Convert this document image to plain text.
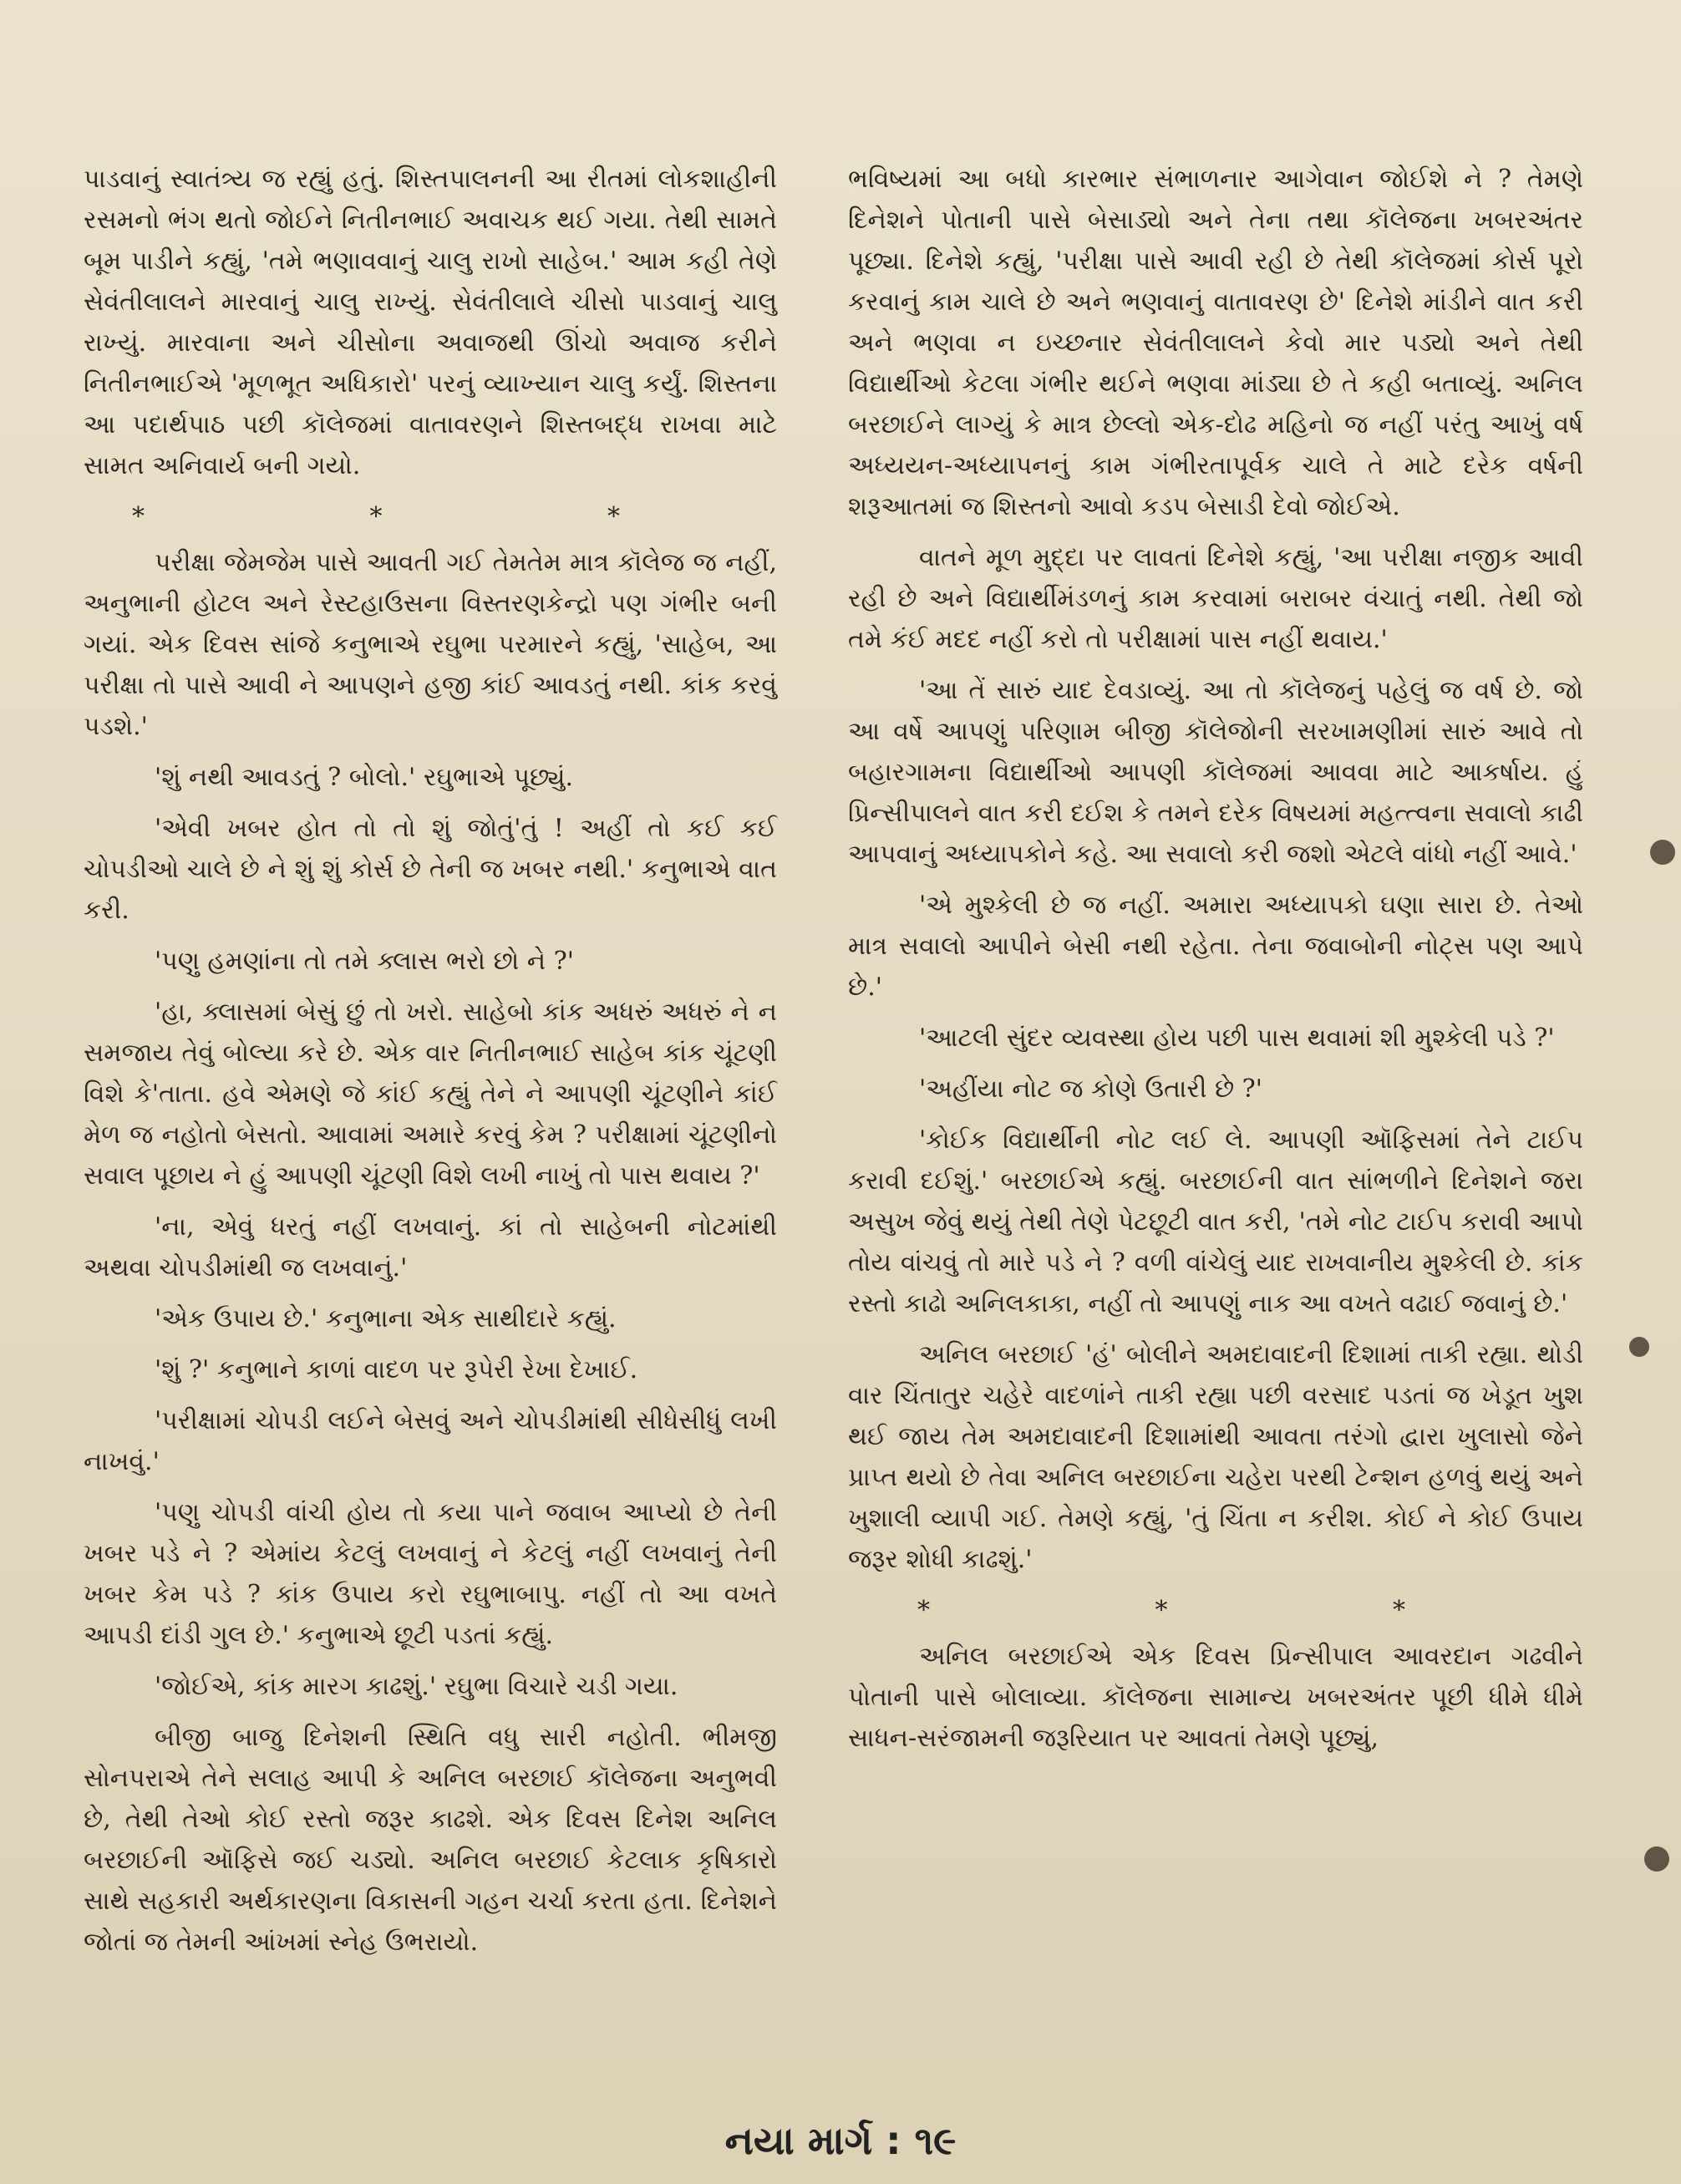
પાડવાનું સ્વાતંત્ર્ય જ રહ્યું હતું. શિસ્તપાલનની આ રીતમાં લોકશાહીની રસમનો ભંગ થતો જોઈને નિતીનભાઈ અવાચક થઈ ગયા. તેથી સામતે બૂમ પાડીને કહ્યું, 'તમે ભણાવવાનું ચાલુ રાખો સાહેબ.' આમ કહી તેણે સેવંતીલાલને મારવાનું ચાલુ રાખ્યું. સેવંતીલાલે ચીસો પાડવાનું ચાલુ રાખ્યું. મારવાના અને ચીસોના અવાજથી ઊંચો અવાજ કરીને નિતીનભાઈએ 'મૂળભૂત અધિકારો' પરનું વ્યાખ્યાન ચાલુ કર્યું. શિસ્તના આ પદાર્થપાઠ પછી કૉલેજમાં વાતાવરણને શિસ્તબદ્ધ રાખવા માટે સામત અનિવાર્ય બની ગયો.

* * *

પરીક્ષા જેમજેમ પાસે આવતી ગઈ તેમતેમ માત્ર કૉલેજ જ નહીં, અનુભાની હોટલ અને રેસ્ટહાઉસના વિસ્તરણકેન્દ્રો પણ ગંભીર બની ગયાં. એક દિવસ સાંજે કનુભાએ રઘુભા પરમારને કહ્યું, 'સાહેબ, આ પરીક્ષા તો પાસે આવી ને આપણને હજી કાંઈ આવડતું નથી. કાંક કરવું પડશે.'

'શું નથી આવડતું ? બોલો.' રઘુભાએ પૂછ્યું.

'એવી ખબર હોત તો તો શું જોતું'તું ! અહીં તો કઈ કઈ ચોપડીઓ ચાલે છે ને શું શું કોર્સ છે તેની જ ખબર નથી.' કનુભાએ વાત કરી.

'પણુ હમણાંના તો તમે ક્લાસ ભરો છો ને ?'

'હા, ક્લાસમાં બેસું છું તો ખરો. સાહેબો કાંક અધરું અધરું ને ન સમજાય તેવું બોલ્યા કરે છે. એક વાર નિતીનભાઈ સાહેબ કાંક ચૂંટણી વિશે કે'તાતા. હવે એમણે જે કાંઈ કહ્યું તેને ને આપણી ચૂંટણીને કાંઈ મેળ જ નહોતો બેસતો. આવામાં અમારે કરવું કેમ ? પરીક્ષામાં ચૂંટણીનો સવાલ પૂછાય ને હું આપણી ચૂંટણી વિશે લખી નાખું તો પાસ થવાય ?'

'ના, એવું ધરતું નહીં લખવાનું. કાં તો સાહેબની નોટમાંથી અથવા ચોપડીમાંથી જ લખવાનું.'

'એક ઉપાય છે.' કનુભાના એક સાથીદારે કહ્યું.

'શું ?' કનુભાને કાળાં વાદળ પર રૂપેરી રેખા દેખાઈ.

'પરીક્ષામાં ચોપડી લઈને બેસવું અને ચોપડીમાંથી સીધેસીધું લખી નાખવું.'

'પણુ ચોપડી વાંચી હોય તો કયા પાને જવાબ આપ્યો છે તેની ખબર પડે ને ? એમાંય કેટલું લખવાનું ને કેટલું નહીં લખવાનું તેની ખબર કેમ પડે ? કાંક ઉપાય કરો રઘુભાબાપુ. નહીં તો આ વખતે આપડી દાંડી ગુલ છે.' કનુભાએ છૂટી પડતાં કહ્યું.

'જોઈએ, કાંક મારગ કાઢશું.' રઘુભા વિચારે ચડી ગયા.

બીજી બાજુ દિનેશની સ્થિતિ વધુ સારી નહોતી. ભીમજી સોનપરાએ તેને સલાહ આપી કે અનિલ બરછાઈ કૉલેજના અનુભવી છે, તેથી તેઓ કોઈ રસ્તો જરૂર કાઢશે. એક દિવસ દિનેશ અનિલ બરછાઈની ઑફિસે જઈ ચડ્યો. અનિલ બરછાઈ કેટલાક કૃષિકારો સાથે સહકારી અર્થકારણના વિકાસની ગહન ચર્ચા કરતા હતા. દિનેશને જોતાં જ તેમની આંખમાં સ્નેહ ઉભરાયો.

ભવિષ્યમાં આ બધો કારભાર સંભાળનાર આગેવાન જોઈશે ને ? તેમણે દિનેશને પોતાની પાસે બેસાડ્યો અને તેના તથા કૉલેજના ખબરઅંતર પૂછ્યા. દિનેશે કહ્યું, 'પરીક્ષા પાસે આવી રહી છે તેથી કૉલેજમાં કોર્સ પૂરો કરવાનું કામ ચાલે છે અને ભણવાનું વાતાવરણ છે' દિનેશે માંડીને વાત કરી અને ભણવા ન ઇચ્છનાર સેવંતીલાલને કેવો માર પડ્યો અને તેથી વિદ્યાર્થીઓ કેટલા ગંભીર થઈને ભણવા માંડ્યા છે તે કહી બતાવ્યું. અનિલ બરછાઈને લાગ્યું કે માત્ર છેલ્લો એક-દોઢ મહિનો જ નહીં પરંતુ આખું વર્ષ અધ્યયન-અધ્યાપનનું કામ ગંભીરતાપૂર્વક ચાલે તે માટે દરેક વર્ષની શરૂઆતમાં જ શિસ્તનો આવો કડપ બેસાડી દેવો જોઈએ.

વાતને મૂળ મુદ્દા પર લાવતાં દિનેશે કહ્યું, 'આ પરીક્ષા નજીક આવી રહી છે અને વિદ્યાર્થીમંડળનું કામ કરવામાં બરાબર વંચાતું નથી. તેથી જો તમે કંઈ મદદ નહીં કરો તો પરીક્ષામાં પાસ નહીં થવાય.'

'આ તેં સારું યાદ દેવડાવ્યું. આ તો કૉલેજનું પહેલું જ વર્ષ છે. જો આ વર્ષે આપણું પરિણામ બીજી કૉલેજોની સરખામણીમાં સારું આવે તો બહારગામના વિદ્યાર્થીઓ આપણી કૉલેજમાં આવવા માટે આકર્ષાય. હું પ્રિન્સીપાલને વાત કરી દઈશ કે તમને દરેક વિષયમાં મહત્ત્વના સવાલો કાઢી આપવાનું અધ્યાપકોને કહે. આ સવાલો કરી જશો એટલે વાંધો નહીં આવે.'

'એ મુશ્કેલી છે જ નહીં. અમારા અધ્યાપકો ઘણા સારા છે. તેઓ માત્ર સવાલો આપીને બેસી નથી રહેતા. તેના જવાબોની નોટ્સ પણ આપે છે.'

'આટલી સુંદર વ્યવસ્થા હોય પછી પાસ થવામાં શી મુશ્કેલી પડે ?'

'અહીંયા નોટ જ કોણે ઉતારી છે ?'

'કોઈક વિદ્યાર્થીની નોટ લઈ લે. આપણી ઑફિસમાં તેને ટાઈપ કરાવી દઈશું.' બરછાઈએ કહ્યું. બરછાઈની વાત સાંભળીને દિનેશને જરા અસુખ જેવું થયું તેથી તેણે પેટછૂટી વાત કરી, 'તમે નોટ ટાઈપ કરાવી આપો તોય વાંચવું તો મારે પડે ને ? વળી વાંચેલું યાદ રાખવાનીય મુશ્કેલી છે. કાંક રસ્તો કાઢો અનિલકાકા, નહીં તો આપણું નાક આ વખતે વઢાઈ જવાનું છે.'

અનિલ બરછાઈ 'હં' બોલીને અમદાવાદની દિશામાં તાકી રહ્યા. થોડી વાર ચિંતાતુર ચહેરે વાદળાંને તાકી રહ્યા પછી વરસાદ પડતાં જ ખેડૂત ખુશ થઈ જાય તેમ અમદાવાદની દિશામાંથી આવતા તરંગો દ્વારા ખુલાસો જેને પ્રાપ્ત થયો છે તેવા અનિલ બરછાઈના ચહેરા પરથી ટેન્શન હળવું થયું અને ખુશાલી વ્યાપી ગઈ. તેમણે કહ્યું, 'તું ચિંતા ન કરીશ. કોઈ ને કોઈ ઉપાય જરૂર શોધી કાઢશું.'

* * *

અનિલ બરછાઈએ એક દિવસ પ્રિન્સીપાલ આવરદાન ગઢવીને પોતાની પાસે બોલાવ્યા. કૉલેજના સામાન્ય ખબરઅંતર પૂછી ધીમે ધીમે સાધન-સરંજામની જરૂરિયાત પર આવતાં તેમણે પૂછ્યું,

નયા માર્ગ : ૧૯
